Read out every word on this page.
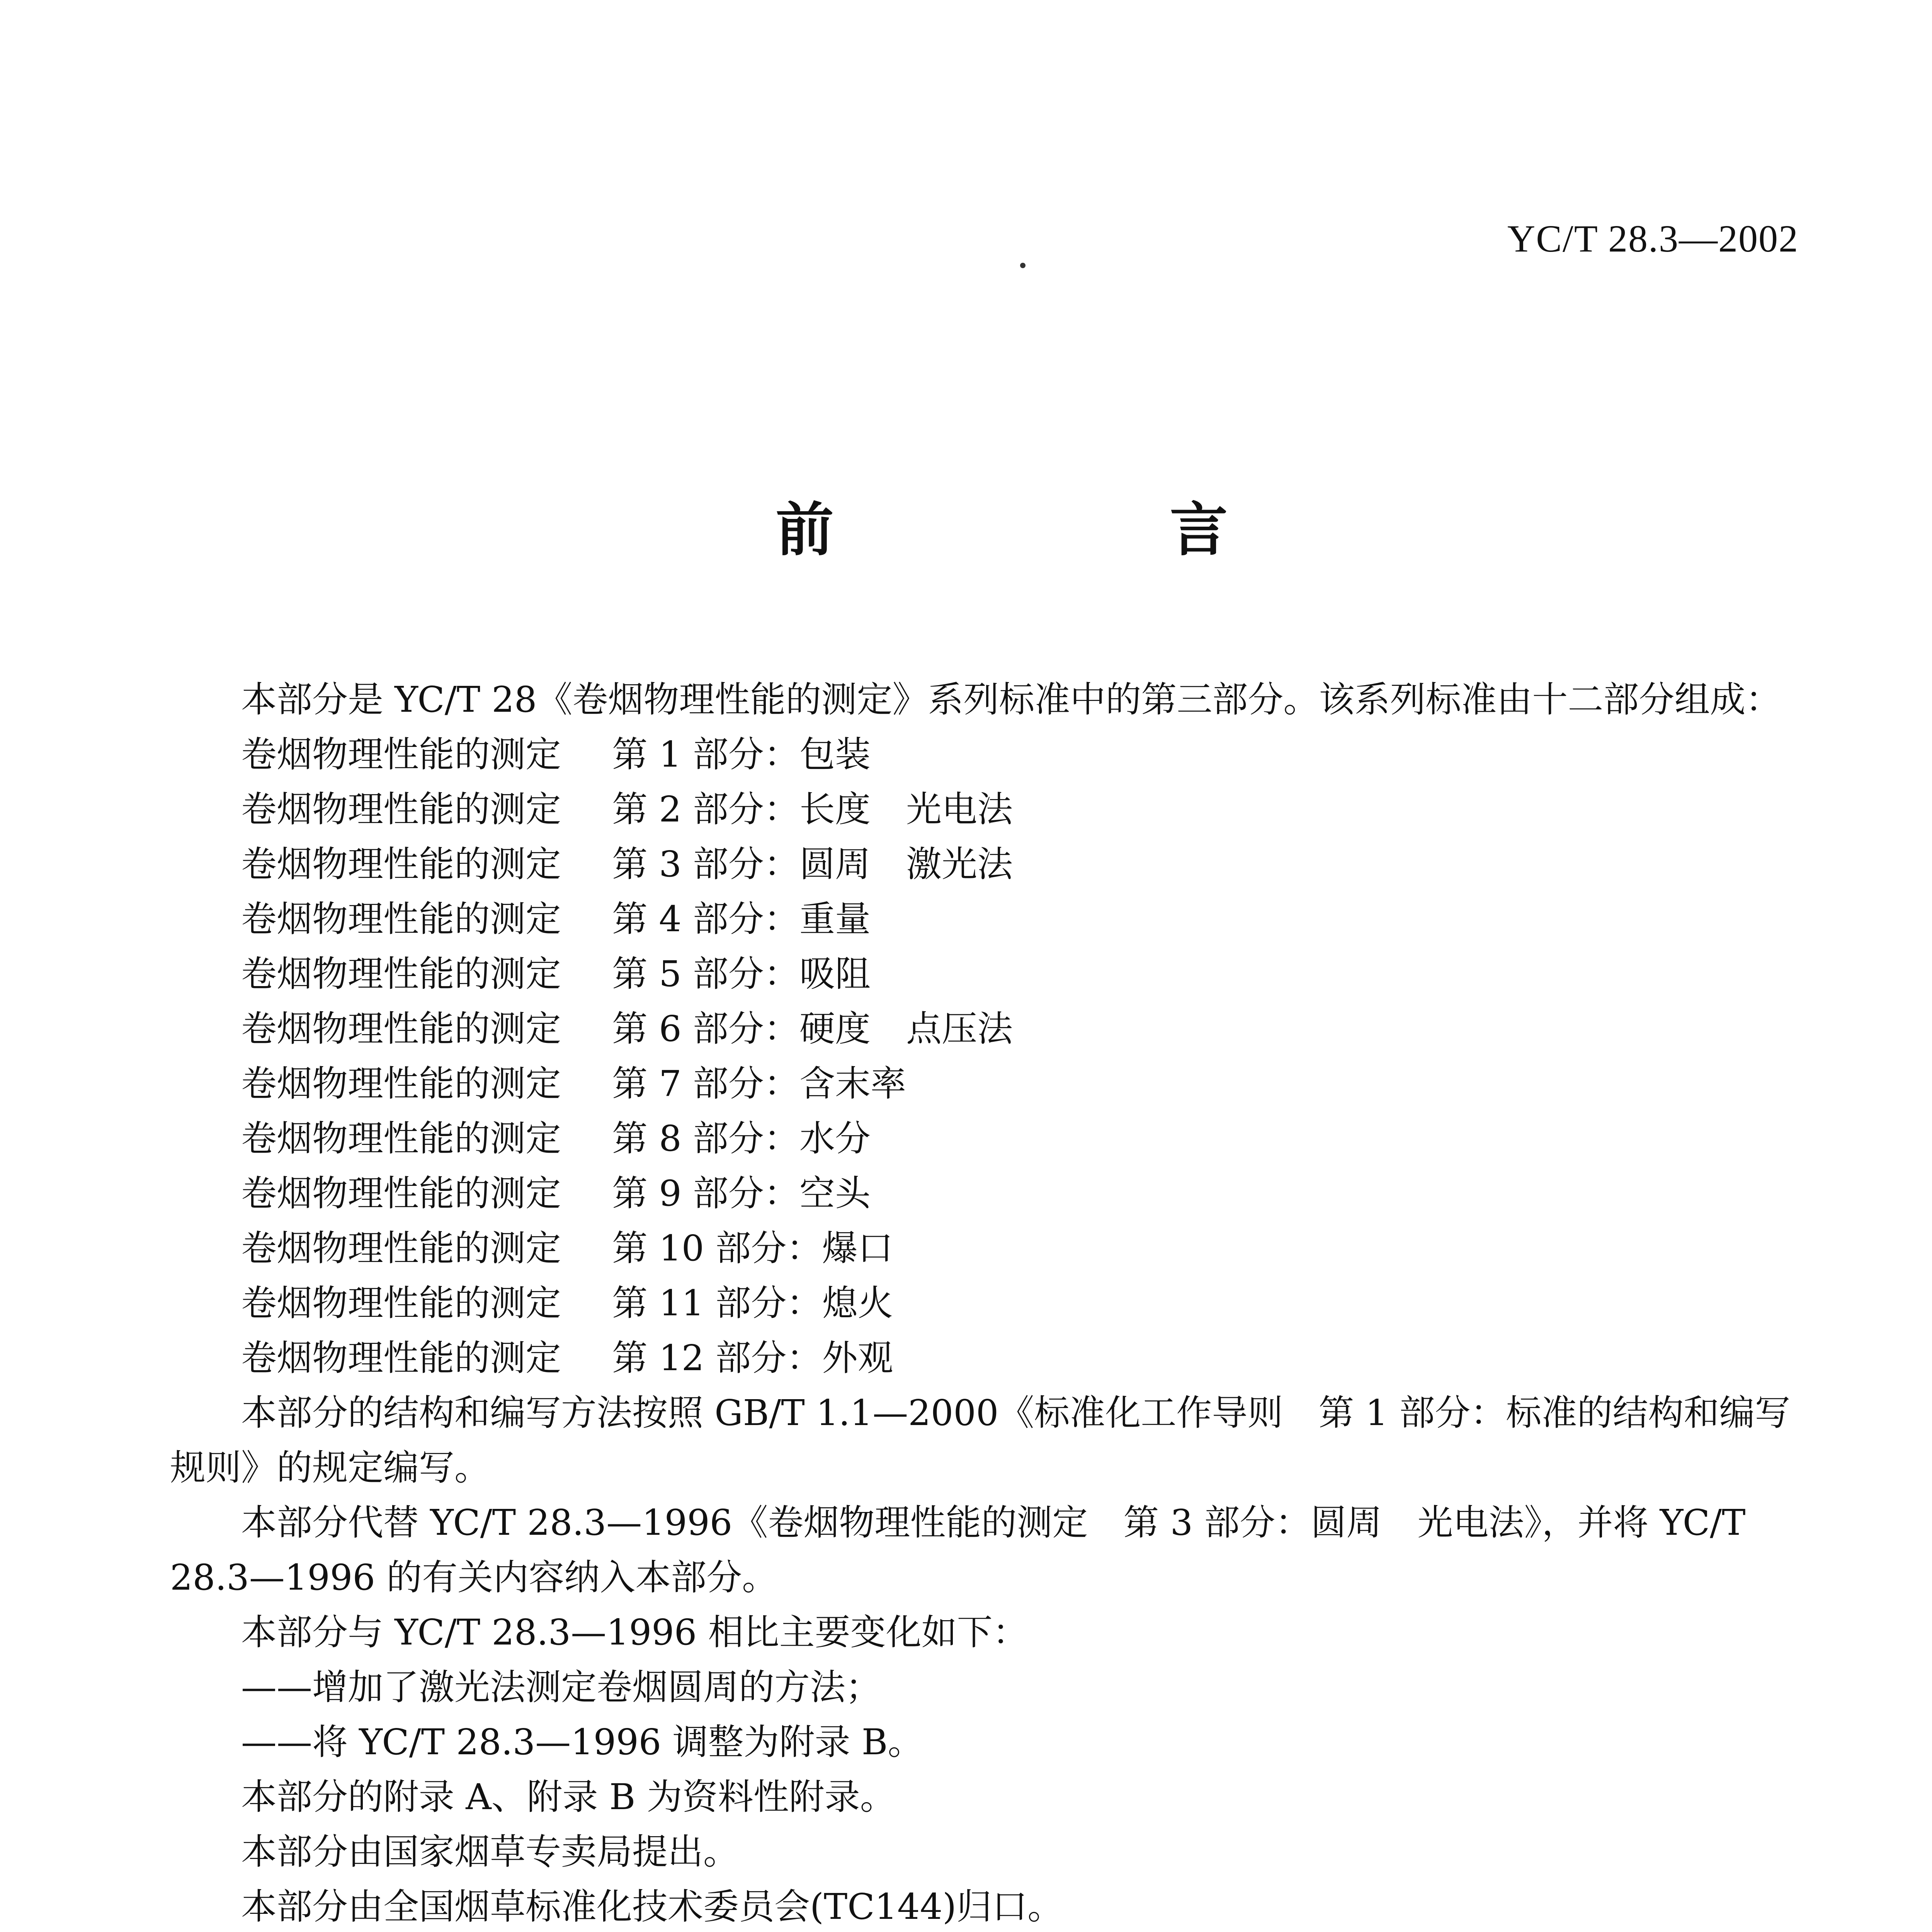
YC/T 28.3—2002
前　言

本部分是 YC/T 28《卷烟物理性能的测定》系列标准中的第三部分。该系列标准由十二部分组成：

卷烟物理性能的测定	第 1 部分：包装
卷烟物理性能的测定	第 2 部分：长度　光电法
卷烟物理性能的测定	第 3 部分：圆周　激光法
卷烟物理性能的测定	第 4 部分：重量
卷烟物理性能的测定	第 5 部分：吸阻
卷烟物理性能的测定	第 6 部分：硬度　点压法
卷烟物理性能的测定	第 7 部分：含末率
卷烟物理性能的测定	第 8 部分：水分
卷烟物理性能的测定	第 9 部分：空头
卷烟物理性能的测定	第 10 部分：爆口
卷烟物理性能的测定	第 11 部分：熄火
卷烟物理性能的测定	第 12 部分：外观

本部分的结构和编写方法按照 GB/T 1.1—2000《标准化工作导则　第 1 部分：标准的结构和编写规则》的规定编写。

本部分代替 YC/T 28.3—1996《卷烟物理性能的测定　第 3 部分：圆周　光电法》，并将 YC/T 28.3—1996 的有关内容纳入本部分。

本部分与 YC/T 28.3—1996 相比主要变化如下：

——增加了激光法测定卷烟圆周的方法；

——将 YC/T 28.3—1996 调整为附录 B。

本部分的附录 A、附录 B 为资料性附录。

本部分由国家烟草专卖局提出。

本部分由全国烟草标准化技术委员会(TC144)归口。
